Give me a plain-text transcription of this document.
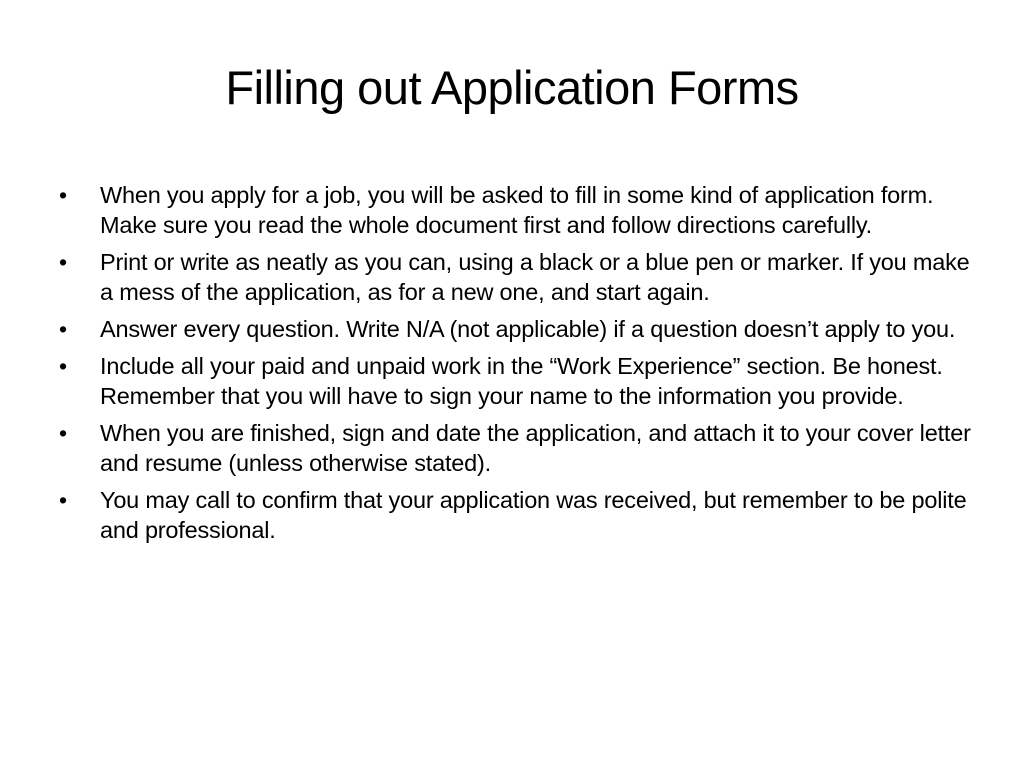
Filling out Application Forms
• When you apply for a job, you will be asked to fill in some kind of application form. Make sure you read the whole document first and follow directions carefully.
• Print or write as neatly as you can, using a black or a blue pen or marker. If you make a mess of the application, as for a new one, and start again.
• Answer every question. Write N/A (not applicable) if a question doesn’t apply to you.
• Include all your paid and unpaid work in the “Work Experience” section. Be honest. Remember that you will have to sign your name to the information you provide.
• When you are finished, sign and date the application, and attach it to your cover letter and resume (unless otherwise stated).
• You may call to confirm that your application was received, but remember to be polite and professional.
